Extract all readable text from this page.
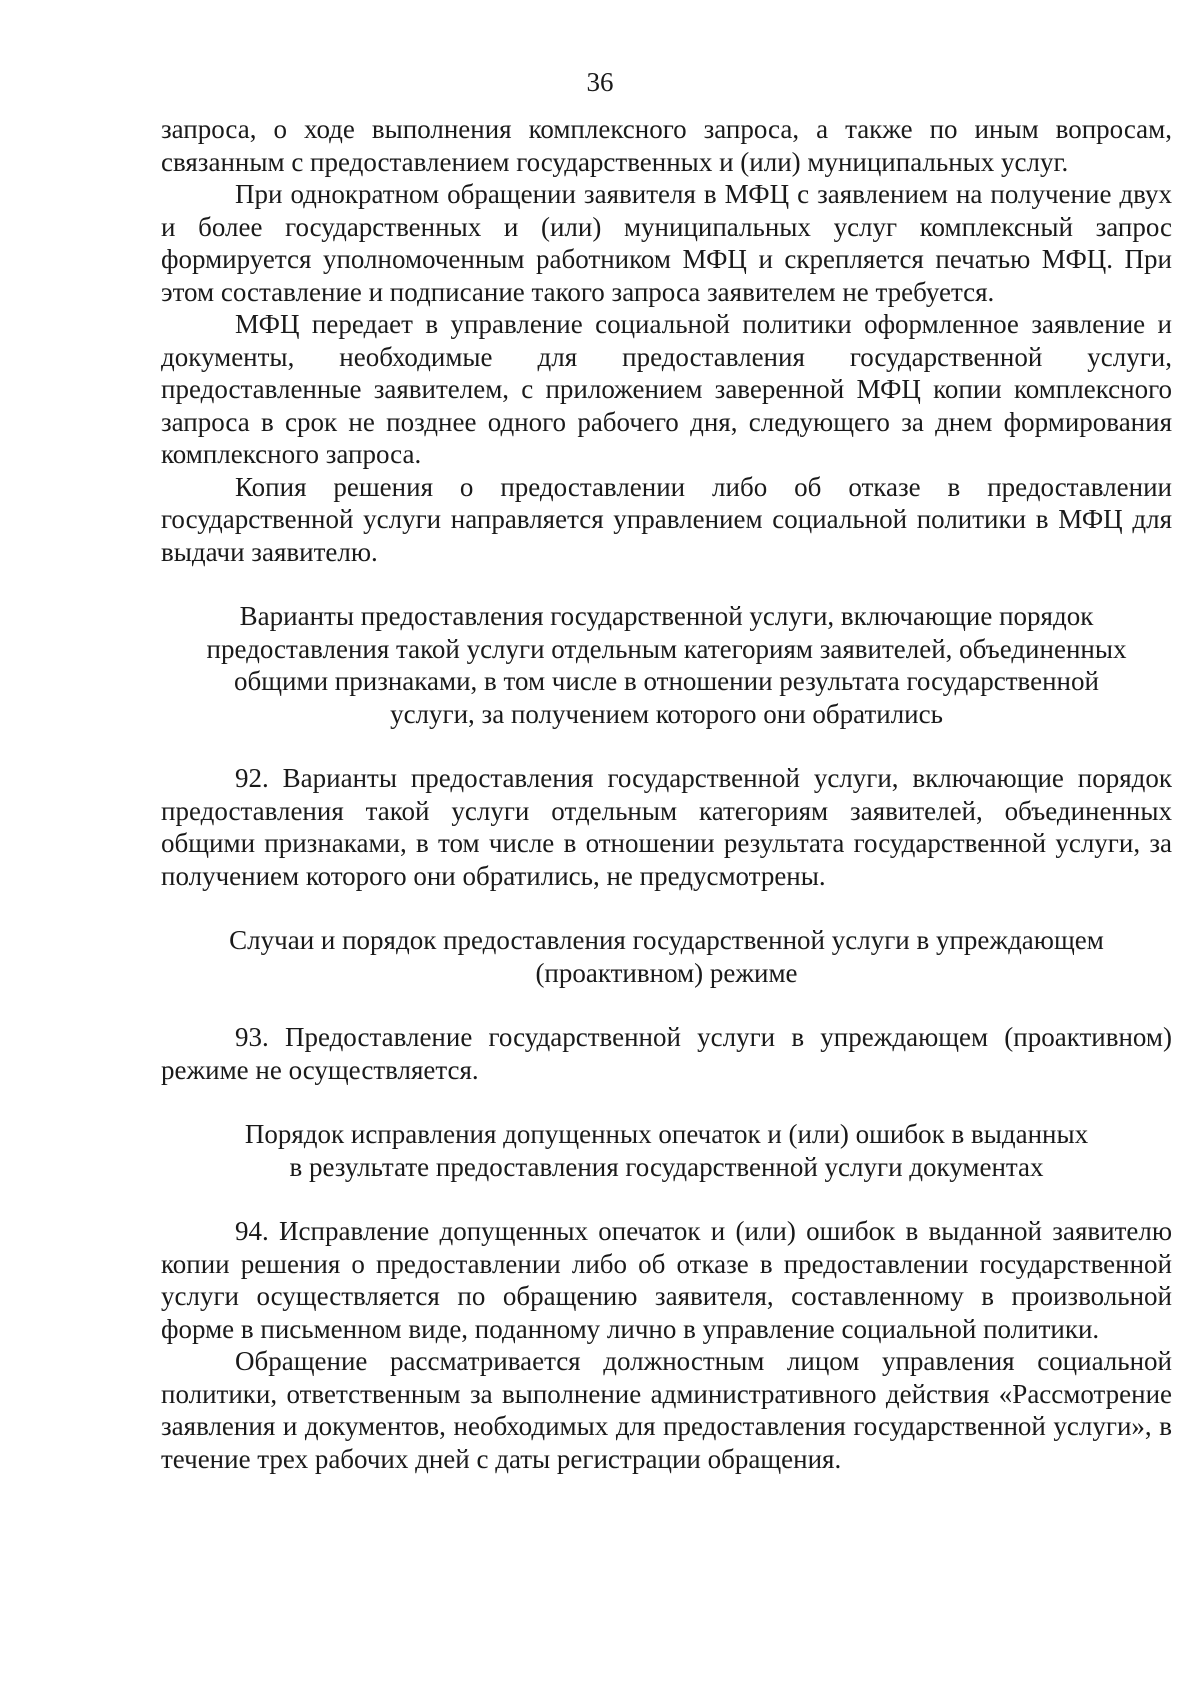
36

запроса, о ходе выполнения комплексного запроса, а также по иным вопросам, связанным с предоставлением государственных и (или) муниципальных услуг.

При однократном обращении заявителя в МФЦ с заявлением на получение двух и более государственных и (или) муниципальных услуг комплексный запрос формируется уполномоченным работником МФЦ и скрепляется печатью МФЦ. При этом составление и подписание такого запроса заявителем не требуется.

МФЦ передает в управление социальной политики оформленное заявление и документы, необходимые для предоставления государственной услуги, предоставленные заявителем, с приложением заверенной МФЦ копии комплексного запроса в срок не позднее одного рабочего дня, следующего за днем формирования комплексного запроса.

Копия решения о предоставлении либо об отказе в предоставлении государственной услуги направляется управлением социальной политики в МФЦ для выдачи заявителю.

Варианты предоставления государственной услуги, включающие порядок
предоставления такой услуги отдельным категориям заявителей, объединенных
общими признаками, в том числе в отношении результата государственной
услуги, за получением которого они обратились

92. Варианты предоставления государственной услуги, включающие порядок предоставления такой услуги отдельным категориям заявителей, объединенных общими признаками, в том числе в отношении результата государственной услуги, за получением которого они обратились, не предусмотрены.

Случаи и порядок предоставления государственной услуги в упреждающем
(проактивном) режиме

93. Предоставление государственной услуги в упреждающем (проактивном) режиме не осуществляется.

Порядок исправления допущенных опечаток и (или) ошибок в выданных
в результате предоставления государственной услуги документах

94. Исправление допущенных опечаток и (или) ошибок в выданной заявителю копии решения о предоставлении либо об отказе в предоставлении государственной услуги осуществляется по обращению заявителя, составленному в произвольной форме в письменном виде, поданному лично в управление социальной политики.

Обращение рассматривается должностным лицом управления социальной политики, ответственным за выполнение административного действия «Рассмотрение заявления и документов, необходимых для предоставления государственной услуги», в течение трех рабочих дней с даты регистрации обращения.
